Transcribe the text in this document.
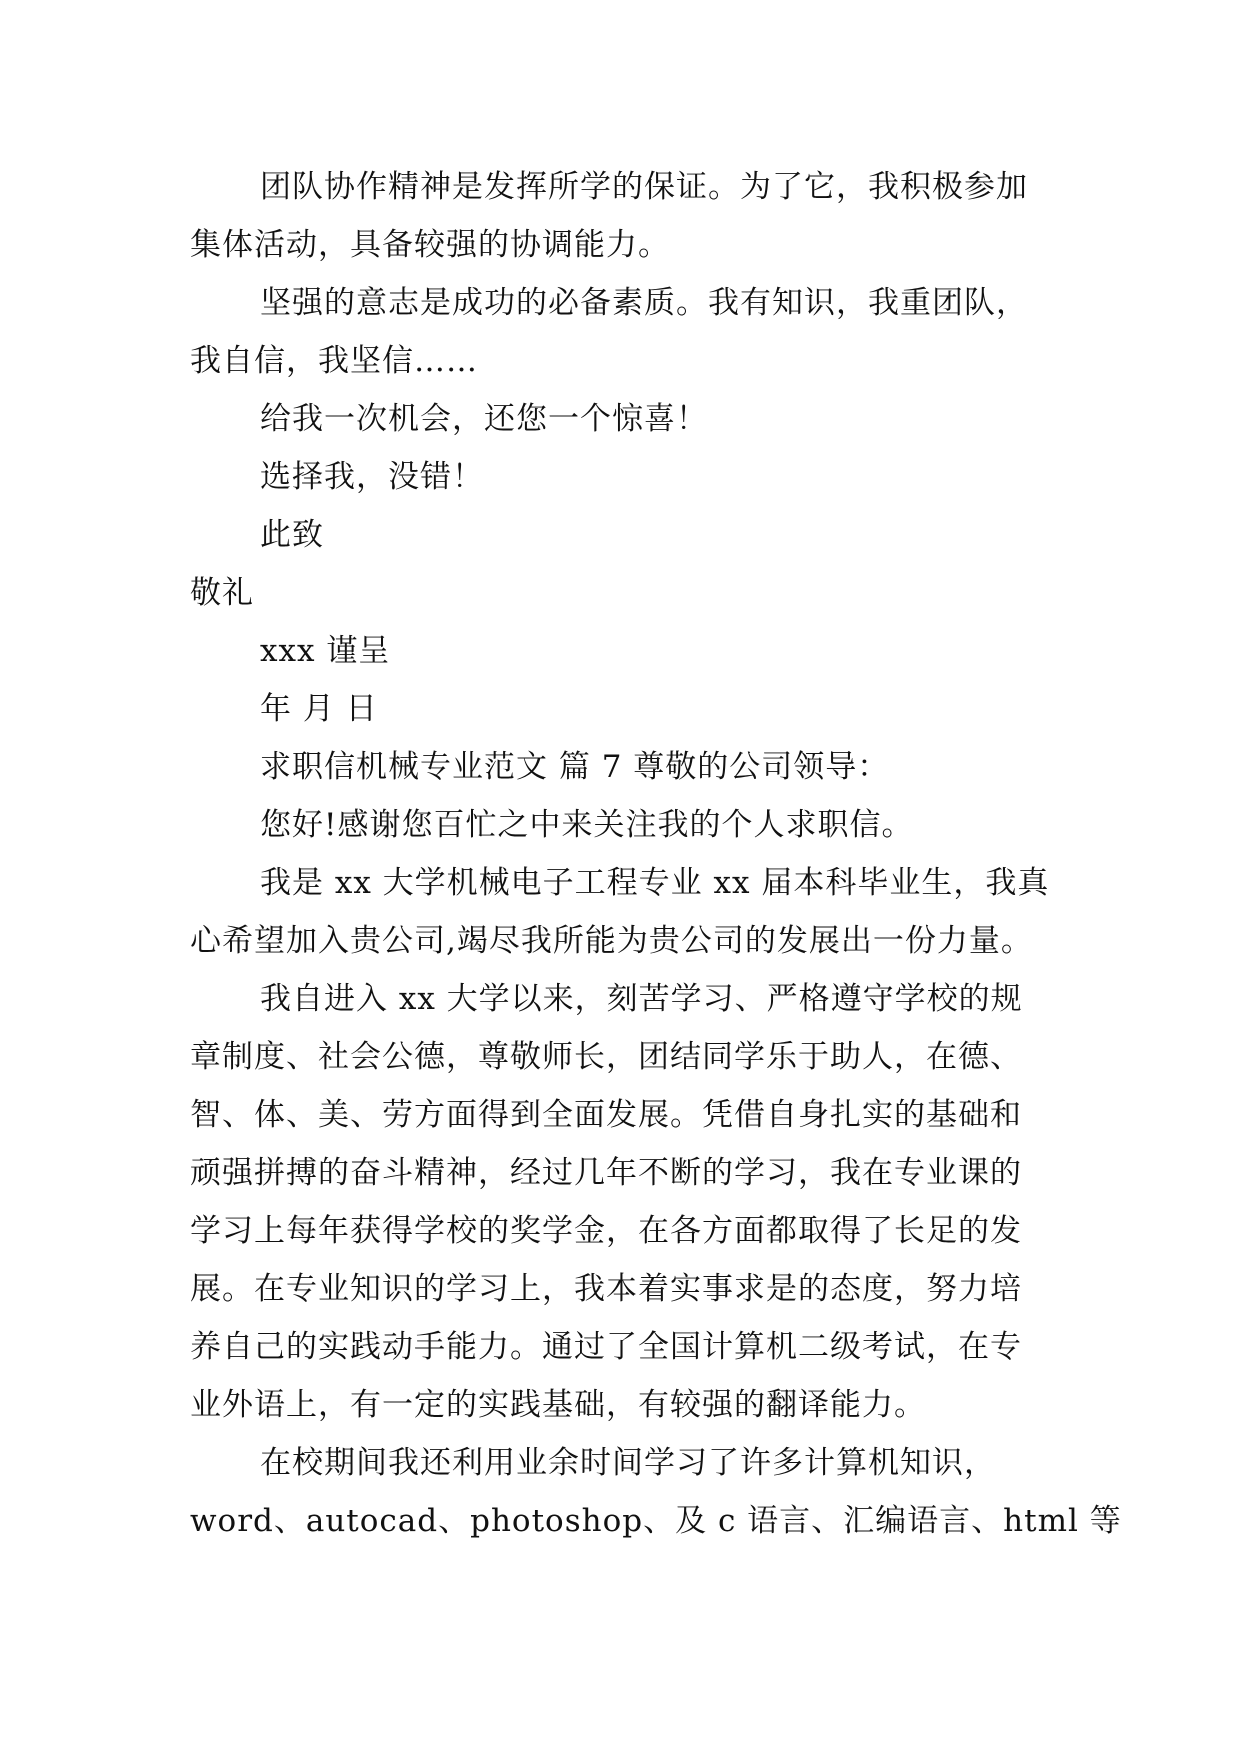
团队协作精神是发挥所学的保证。为了它，我积极参加
集体活动，具备较强的协调能力。
坚强的意志是成功的必备素质。我有知识，我重团队，
我自信，我坚信……
给我一次机会，还您一个惊喜！
选择我，没错！
此致
敬礼
xxx 谨呈
年 月 日
求职信机械专业范文 篇 7 尊敬的公司领导：
您好!感谢您百忙之中来关注我的个人求职信。
我是 xx 大学机械电子工程专业 xx 届本科毕业生，我真
心希望加入贵公司,竭尽我所能为贵公司的发展出一份力量。
我自进入 xx 大学以来，刻苦学习、严格遵守学校的规
章制度、社会公德，尊敬师长，团结同学乐于助人，在德、
智、体、美、劳方面得到全面发展。凭借自身扎实的基础和
顽强拼搏的奋斗精神，经过几年不断的学习，我在专业课的
学习上每年获得学校的奖学金，在各方面都取得了长足的发
展。在专业知识的学习上，我本着实事求是的态度，努力培
养自己的实践动手能力。通过了全国计算机二级考试，在专
业外语上，有一定的实践基础，有较强的翻译能力。
在校期间我还利用业余时间学习了许多计算机知识，
word、autocad、photoshop、及 c 语言、汇编语言、html 等
